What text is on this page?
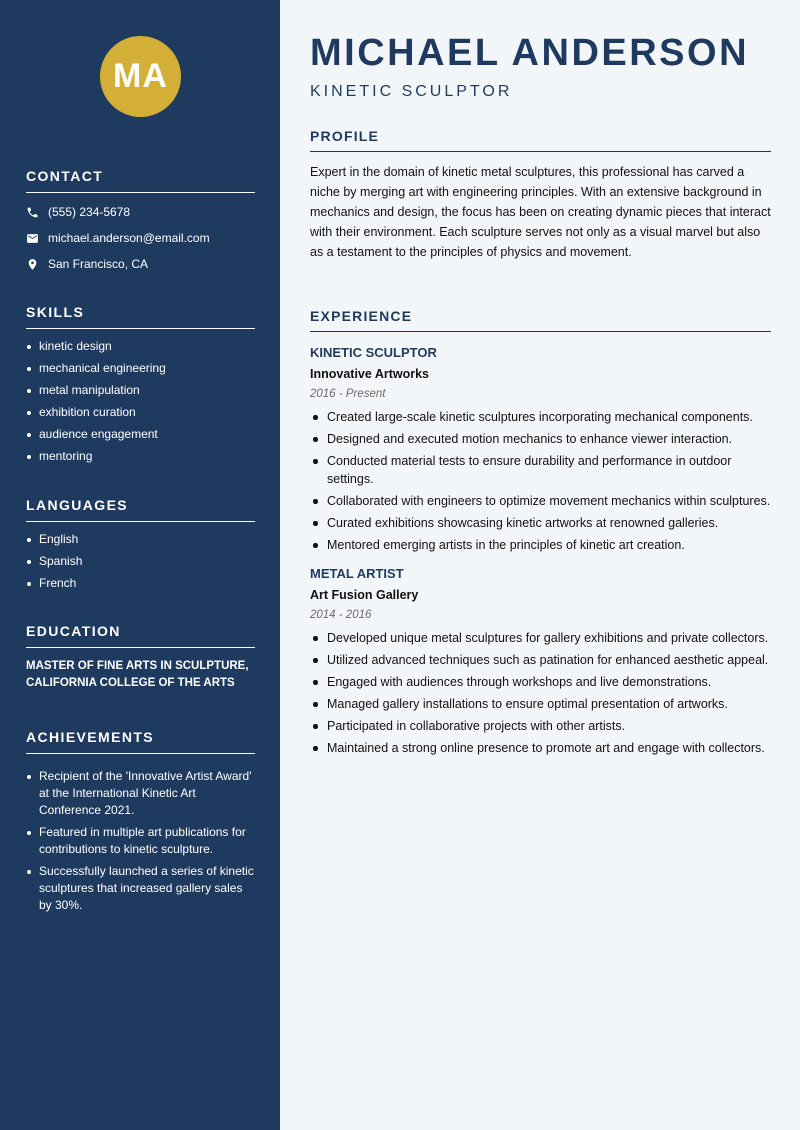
MA
CONTACT
(555) 234-5678
michael.anderson@email.com
San Francisco, CA
SKILLS
kinetic design
mechanical engineering
metal manipulation
exhibition curation
audience engagement
mentoring
LANGUAGES
English
Spanish
French
EDUCATION
MASTER OF FINE ARTS IN SCULPTURE, CALIFORNIA COLLEGE OF THE ARTS
ACHIEVEMENTS
Recipient of the 'Innovative Artist Award' at the International Kinetic Art Conference 2021.
Featured in multiple art publications for contributions to kinetic sculpture.
Successfully launched a series of kinetic sculptures that increased gallery sales by 30%.
MICHAEL ANDERSON
KINETIC SCULPTOR
PROFILE
Expert in the domain of kinetic metal sculptures, this professional has carved a niche by merging art with engineering principles. With an extensive background in mechanics and design, the focus has been on creating dynamic pieces that interact with their environment. Each sculpture serves not only as a visual marvel but also as a testament to the principles of physics and movement.
EXPERIENCE
KINETIC SCULPTOR
Innovative Artworks
2016 - Present
Created large-scale kinetic sculptures incorporating mechanical components.
Designed and executed motion mechanics to enhance viewer interaction.
Conducted material tests to ensure durability and performance in outdoor settings.
Collaborated with engineers to optimize movement mechanics within sculptures.
Curated exhibitions showcasing kinetic artworks at renowned galleries.
Mentored emerging artists in the principles of kinetic art creation.
METAL ARTIST
Art Fusion Gallery
2014 - 2016
Developed unique metal sculptures for gallery exhibitions and private collectors.
Utilized advanced techniques such as patination for enhanced aesthetic appeal.
Engaged with audiences through workshops and live demonstrations.
Managed gallery installations to ensure optimal presentation of artworks.
Participated in collaborative projects with other artists.
Maintained a strong online presence to promote art and engage with collectors.
